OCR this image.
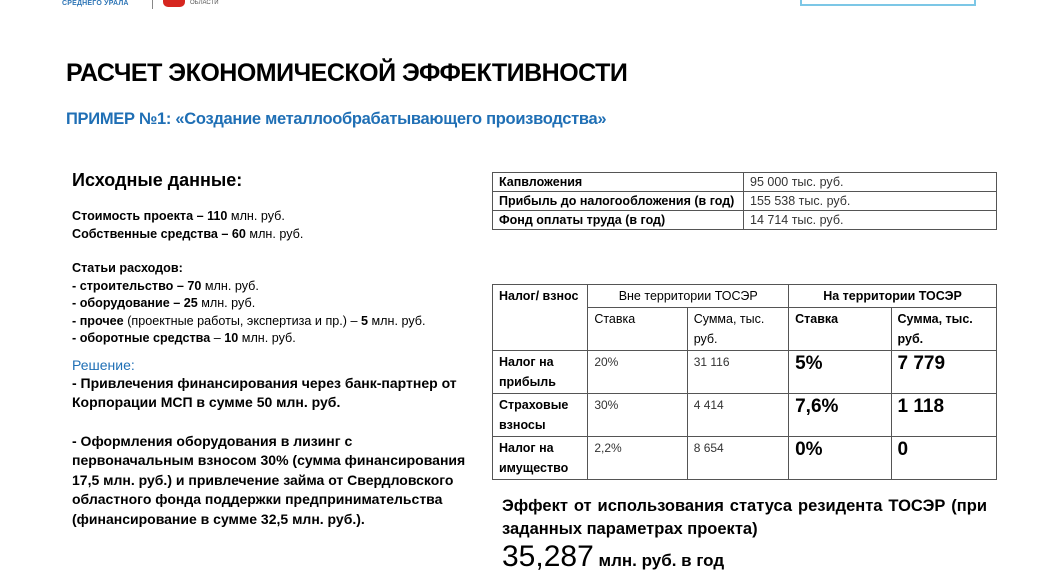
СРЕДНЕГО УРАЛА	ОБЛАСТИ
РАСЧЕТ ЭКОНОМИЧЕСКОЙ ЭФФЕКТИВНОСТИ
ПРИМЕР №1: «Создание металлообрабатывающего производства»

Исходные данные:

Стоимость проекта – 110 млн. руб.

Собственные средства – 60 млн. руб.

Статьи расходов:

- строительство – 70 млн. руб.

- оборудование – 25 млн. руб.

- прочее (проектные работы, экспертиза и пр.) – 5 млн. руб.

- оборотные средства – 10 млн. руб.

Решение:

- Привлечения финансирования через банк-партнер от Корпорации МСП в сумме 50 млн. руб.

- Оформления оборудования в лизинг с первоначальным взносом 30% (сумма финансирования 17,5 млн. руб.) и привлечение займа от Свердловского областного фонда поддержки предпринимательства (финансирование в сумме 32,5 млн. руб.).

Капвложения	95 000 тыс. руб.
Прибыль до налогообложения (в год)	155 538 тыс. руб.
Фонд оплаты труда (в год)	14 714 тыс. руб.
Налог/ взнос	Вне территории ТОСЭР		На территории ТОСЭР	
	Ставка	Сумма, тыс. руб.	Ставка	Сумма, тыс. руб.
Налог на прибыль	20%	31 116	5%	7 779
Страховые взносы	30%	4 414	7,6%	1 118
Налог на имущество	2,2%	8 654	0%	0
Эффект от использования статуса резидента ТОСЭР (при заданных параметрах проекта)
35,287 млн. руб. в год
